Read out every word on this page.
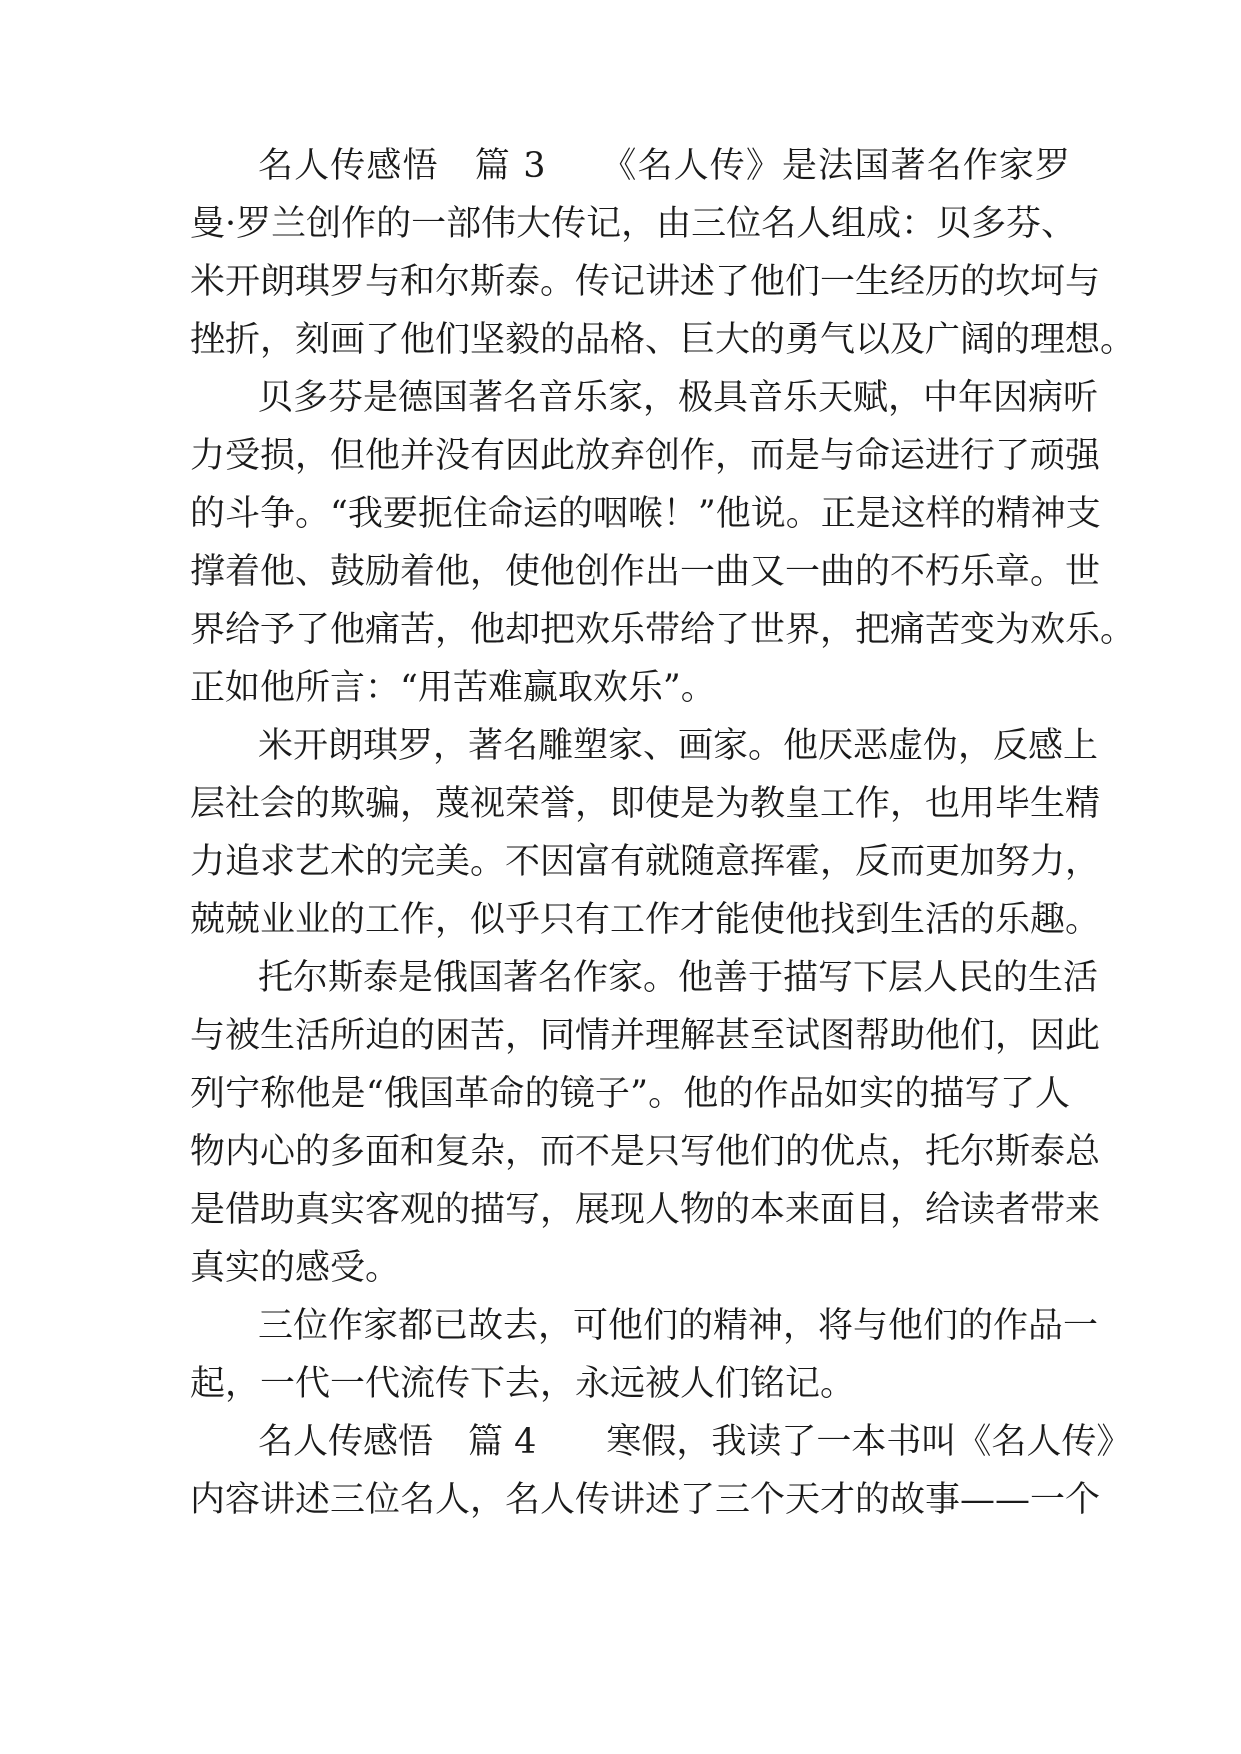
名人传感悟　篇 3　　《名人传》是法国著名作家罗
曼·罗兰创作的一部伟大传记，由三位名人组成：贝多芬、
米开朗琪罗与和尔斯泰。传记讲述了他们一生经历的坎坷与
挫折，刻画了他们坚毅的品格、巨大的勇气以及广阔的理想。
贝多芬是德国著名音乐家，极具音乐天赋，中年因病听
力受损，但他并没有因此放弃创作，而是与命运进行了顽强
的斗争。“我要扼住命运的咽喉！”他说。正是这样的精神支
撑着他、鼓励着他，使他创作出一曲又一曲的不朽乐章。世
界给予了他痛苦，他却把欢乐带给了世界，把痛苦变为欢乐。
正如他所言：“用苦难赢取欢乐”。
米开朗琪罗，著名雕塑家、画家。他厌恶虚伪，反感上
层社会的欺骗，蔑视荣誉，即使是为教皇工作，也用毕生精
力追求艺术的完美。不因富有就随意挥霍，反而更加努力，
兢兢业业的工作，似乎只有工作才能使他找到生活的乐趣。
托尔斯泰是俄国著名作家。他善于描写下层人民的生活
与被生活所迫的困苦，同情并理解甚至试图帮助他们，因此
列宁称他是“俄国革命的镜子”。他的作品如实的描写了人
物内心的多面和复杂，而不是只写他们的优点，托尔斯泰总
是借助真实客观的描写，展现人物的本来面目，给读者带来
真实的感受。
三位作家都已故去，可他们的精神，将与他们的作品一
起，一代一代流传下去，永远被人们铭记。
名人传感悟　篇 4　　寒假，我读了一本书叫《名人传》
内容讲述三位名人，名人传讲述了三个天才的故事——一个
